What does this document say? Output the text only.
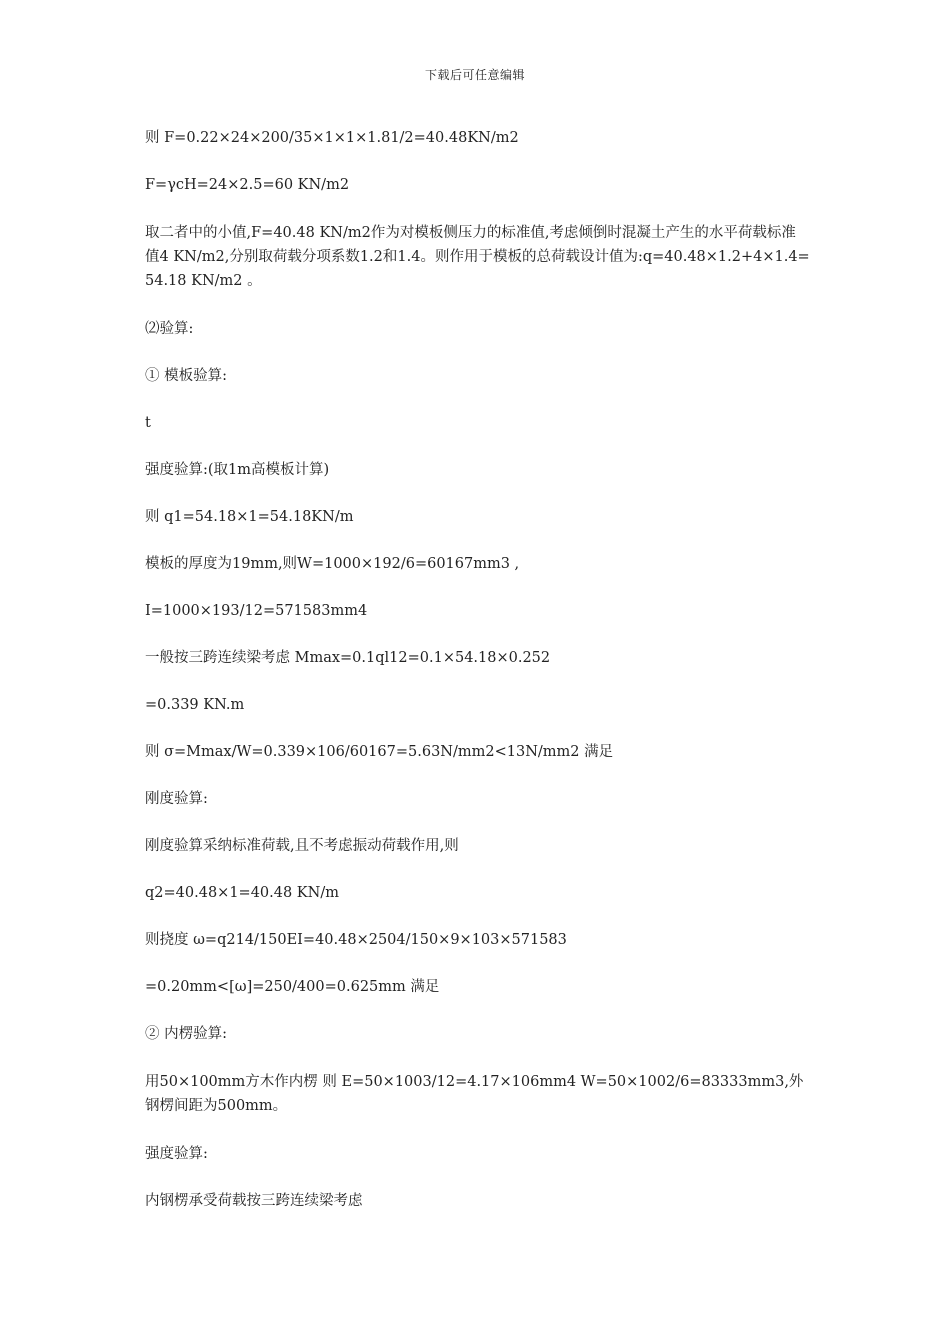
下载后可任意编辑

则 F=0.22×24×200/35×1×1×1.81/2=40.48KN/m2

F=γcH=24×2.5=60 KN/m2

取二者中的小值,F=40.48 KN/m2作为对模板侧压力的标准值,考虑倾倒时混凝土产生的水平荷载标准值4 KN/m2,分别取荷载分项系数1.2和1.4。则作用于模板的总荷载设计值为:q=40.48×1.2+4×1.4=54.18 KN/m2 。

⑵验算:

① 模板验算:

t

强度验算:(取1m高模板计算)

则 q1=54.18×1=54.18KN/m

模板的厚度为19mm,则W=1000×192/6=60167mm3 ,

I=1000×193/12=571583mm4

一般按三跨连续梁考虑 Mmax=0.1ql12=0.1×54.18×0.252

=0.339 KN.m

则 σ=Mmax/W=0.339×106/60167=5.63N/mm2<13N/mm2 满足

刚度验算:

刚度验算采纳标准荷载,且不考虑振动荷载作用,则

q2=40.48×1=40.48 KN/m

则挠度 ω=q214/150EI=40.48×2504/150×9×103×571583

=0.20mm<[ω]=250/400=0.625mm 满足

② 内楞验算:

用50×100mm方木作内楞 则 E=50×1003/12=4.17×106mm4 W=50×1002/6=83333mm3,外钢楞间距为500mm。

强度验算:

内钢楞承受荷载按三跨连续梁考虑
